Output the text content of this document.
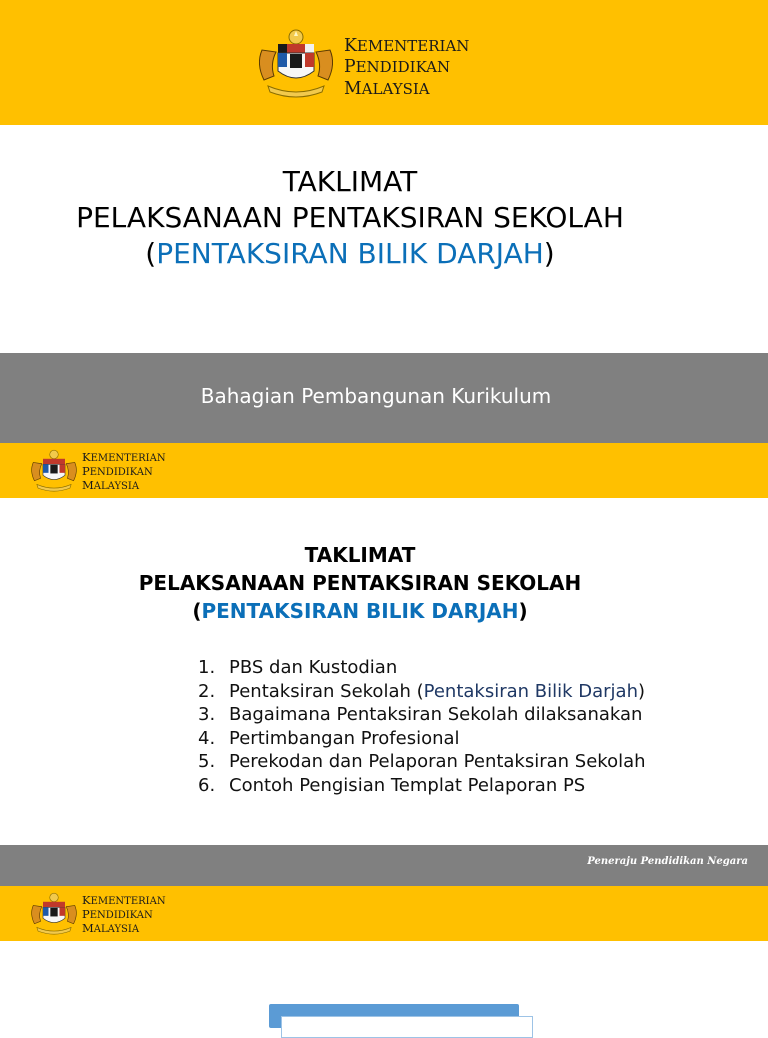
KEMENTERIAN
PENDIDIKAN
MALAYSIA
TAKLIMAT
PELAKSANAAN PENTAKSIRAN SEKOLAH
(PENTAKSIRAN BILIK DARJAH)
Bahagian Pembangunan Kurikulum
KEMENTERIAN
PENDIDIKAN
MALAYSIA
TAKLIMAT
PELAKSANAAN PENTAKSIRAN SEKOLAH
(PENTAKSIRAN BILIK DARJAH)
1. PBS dan Kustodian
2. Pentaksiran Sekolah (Pentaksiran Bilik Darjah)
3. Bagaimana Pentaksiran Sekolah dilaksanakan
4. Pertimbangan Profesional
5. Perekodan dan Pelaporan Pentaksiran Sekolah
6. Contoh Pengisian Templat Pelaporan PS
Peneraju Pendidikan Negara
KEMENTERIAN
PENDIDIKAN
MALAYSIA
